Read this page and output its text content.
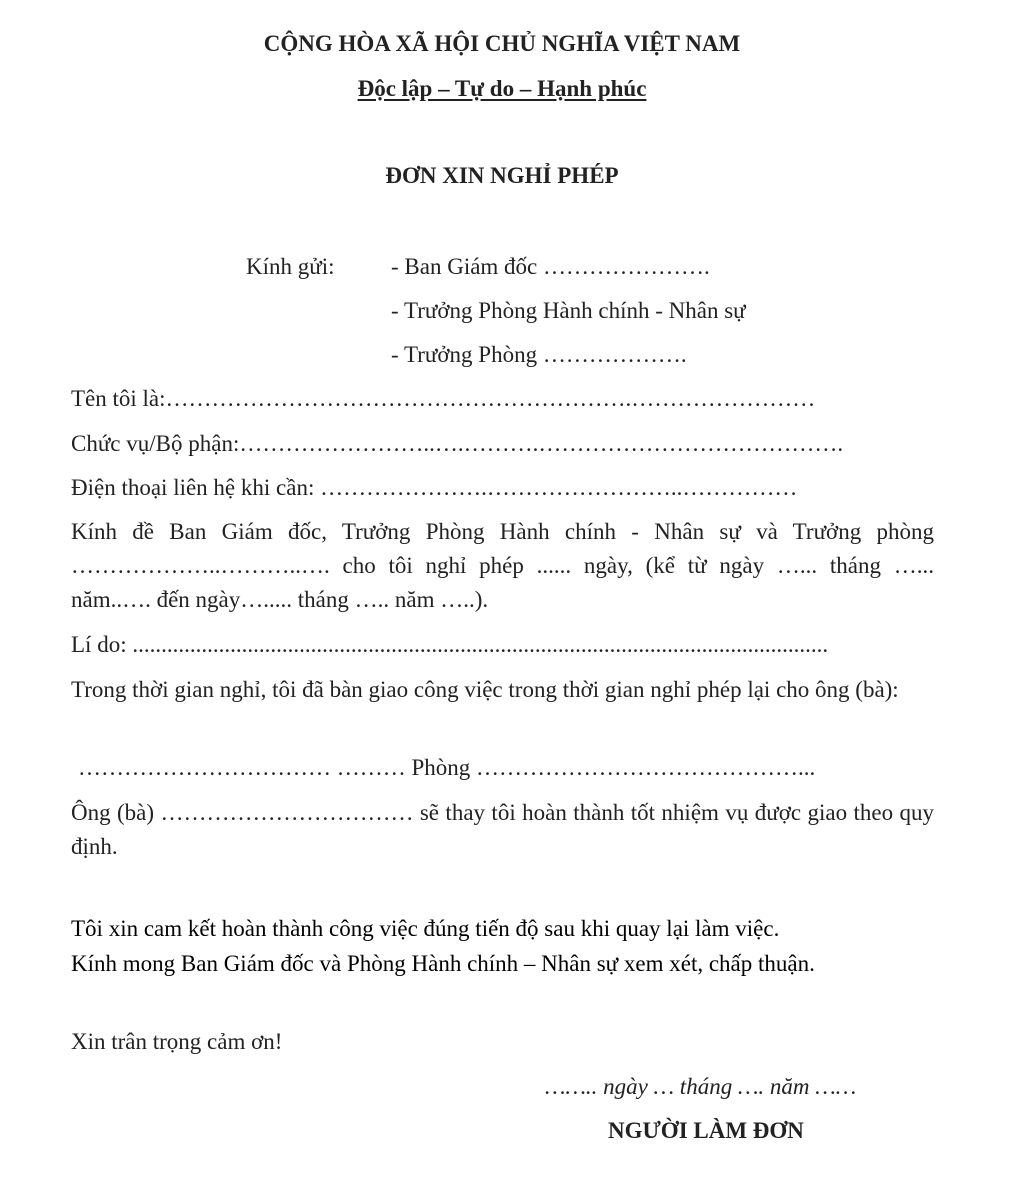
CỘNG HÒA XÃ HỘI CHỦ NGHĨA VIỆT NAM
Độc lập – Tự do – Hạnh phúc
ĐƠN XIN NGHỈ PHÉP
Kính gửi: - Ban Giám đốc ………………….
- Trưởng Phòng Hành chính - Nhân sự
- Trưởng Phòng ……………….
Tên tôi là:…………………………………………………….……………………
Chức vụ/Bộ phận:……………………..….……….………………………………….
Điện thoại liên hệ khi cần: ………………….……………………..……………
Kính đề Ban Giám đốc, Trưởng Phòng Hành chính - Nhân sự và Trưởng phòng ………………..………..…. cho tôi nghỉ phép ...... ngày, (kể từ ngày …... tháng …... năm..…. đến ngày…..... tháng ….. năm …..).
Lí do: .........................................................................................................................
Trong thời gian nghỉ, tôi đã bàn giao công việc trong thời gian nghỉ phép lại cho ông (bà):
…………………………… ……… Phòng ……………………………………...
Ông (bà) …………………………… sẽ thay tôi hoàn thành tốt nhiệm vụ được giao theo quy định.
Tôi xin cam kết hoàn thành công việc đúng tiến độ sau khi quay lại làm việc.
Kính mong Ban Giám đốc và Phòng Hành chính – Nhân sự xem xét, chấp thuận.
Xin trân trọng cảm ơn!
…….. ngày … tháng …. năm ……
NGƯỜI LÀM ĐƠN
